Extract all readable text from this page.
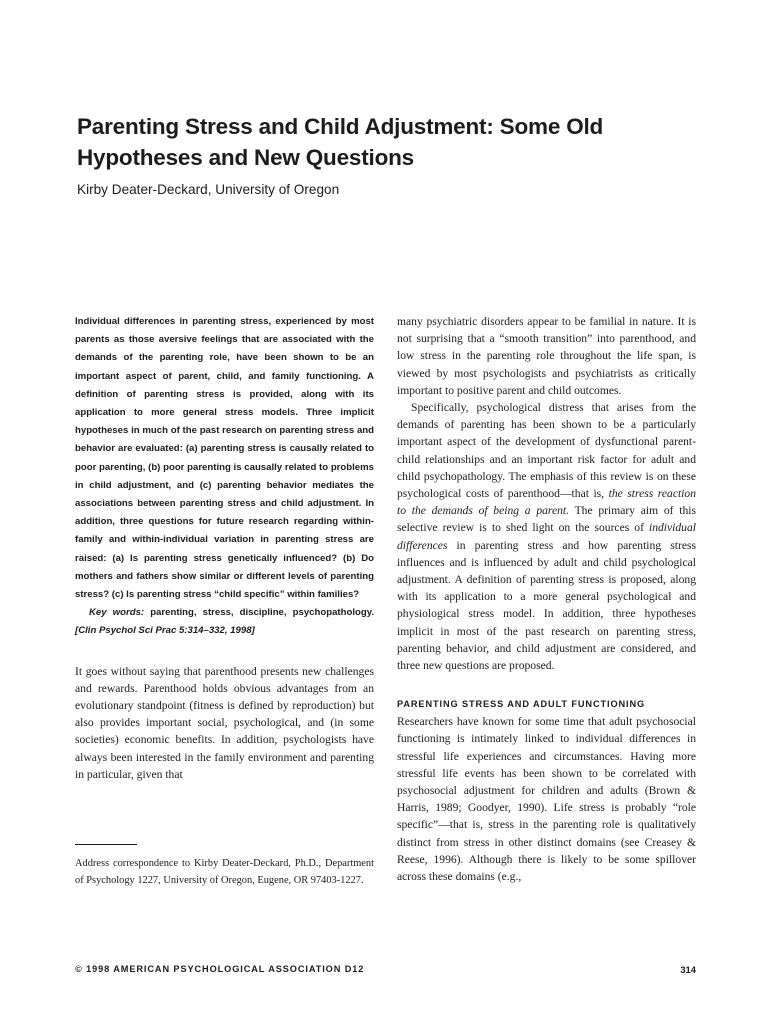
Parenting Stress and Child Adjustment: Some Old
Hypotheses and New Questions
Kirby Deater-Deckard, University of Oregon

Individual differences in parenting stress, experienced by most parents as those aversive feelings that are associated with the demands of the parenting role, have been shown to be an important aspect of parent, child, and family functioning. A definition of parenting stress is provided, along with its application to more general stress models. Three implicit hypotheses in much of the past research on parenting stress and behavior are evaluated: (a) parenting stress is causally related to poor parenting, (b) poor parenting is causally related to problems in child adjustment, and (c) parenting behavior mediates the associations between parenting stress and child adjustment. In addition, three questions for future research regarding within-family and within-individual variation in parenting stress are raised: (a) Is parenting stress genetically influenced? (b) Do mothers and fathers show similar or different levels of parenting stress? (c) Is parenting stress “child specific” within families?

Key words: parenting, stress, discipline, psychopathology. [Clin Psychol Sci Prac 5:314–332, 1998]

It goes without saying that parenthood presents new challenges and rewards. Parenthood holds obvious advantages from an evolutionary standpoint (fitness is defined by reproduction) but also provides important social, psychological, and (in some societies) economic benefits. In addition, psychologists have always been interested in the family environment and parenting in particular, given that

Address correspondence to Kirby Deater-Deckard, Ph.D., Department of Psychology 1227, University of Oregon, Eugene, OR 97403-1227.

many psychiatric disorders appear to be familial in nature. It is not surprising that a “smooth transition” into parenthood, and low stress in the parenting role throughout the life span, is viewed by most psychologists and psychiatrists as critically important to positive parent and child outcomes.

Specifically, psychological distress that arises from the demands of parenting has been shown to be a particularly important aspect of the development of dysfunctional parent-child relationships and an important risk factor for adult and child psychopathology. The emphasis of this review is on these psychological costs of parenthood—that is, the stress reaction to the demands of being a parent. The primary aim of this selective review is to shed light on the sources of individual differences in parenting stress and how parenting stress influences and is influenced by adult and child psychological adjustment. A definition of parenting stress is proposed, along with its application to a more general psychological and physiological stress model. In addition, three hypotheses implicit in most of the past research on parenting stress, parenting behavior, and child adjustment are considered, and three new questions are proposed.

PARENTING STRESS AND ADULT FUNCTIONING

Researchers have known for some time that adult psychosocial functioning is intimately linked to individual differences in stressful life experiences and circumstances. Having more stressful life events has been shown to be correlated with psychosocial adjustment for children and adults (Brown & Harris, 1989; Goodyer, 1990). Life stress is probably “role specific”—that is, stress in the parenting role is qualitatively distinct from stress in other distinct domains (see Creasey & Reese, 1996). Although there is likely to be some spillover across these domains (e.g.,

© 1998 AMERICAN PSYCHOLOGICAL ASSOCIATION D12	314
